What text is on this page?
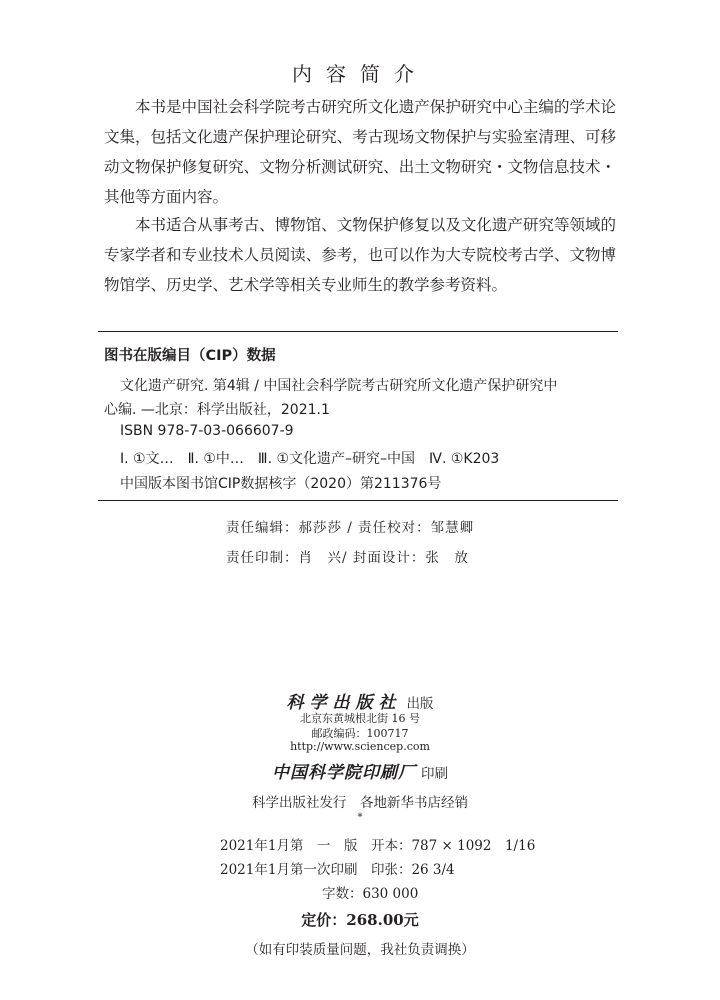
内容简介
本书是中国社会科学院考古研究所文化遗产保护研究中心主编的学术论文集，包括文化遗产保护理论研究、考古现场文物保护与实验室清理、可移动文物保护修复研究、文物分析测试研究、出土文物研究・文物信息技术・其他等方面内容。
本书适合从事考古、博物馆、文物保护修复以及文化遗产研究等领域的专家学者和专业技术人员阅读、参考，也可以作为大专院校考古学、文物博物馆学、历史学、艺术学等相关专业师生的教学参考资料。
图书在版编目（CIP）数据
文化遗产研究. 第4辑 / 中国社会科学院考古研究所文化遗产保护研究中
心编. —北京：科学出版社，2021.1
ISBN 978-7-03-066607-9
Ⅰ. ①文…　Ⅱ. ①中…　Ⅲ. ①文化遗产–研究–中国　Ⅳ. ①K203
中国版本图书馆CIP数据核字（2020）第211376号
责任编辑：郝莎莎 / 责任校对：邹慧卿
责任印制：肖　兴/ 封面设计：张　放
科学出版社 出版
北京东黄城根北街 16 号
邮政编码：100717
http://www.sciencep.com
中国科学院印刷厂 印刷
科学出版社发行　各地新华书店经销
*
2021年1月第　一　版　开本：787 × 1092　1/16
2021年1月第一次印刷　印张：26 3/4
字数：630 000
定价：268.00元
（如有印装质量问题，我社负责调换）
